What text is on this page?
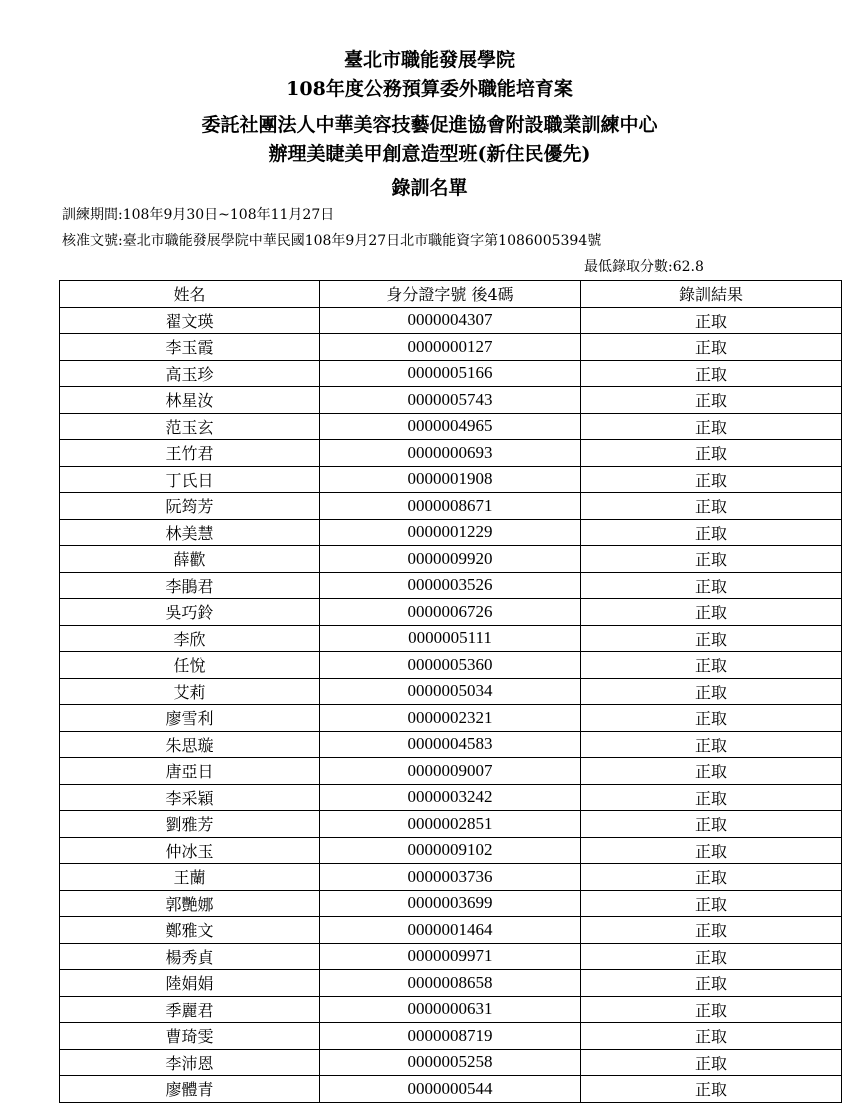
臺北市職能發展學院
108年度公務預算委外職能培育案
委託社團法人中華美容技藝促進協會附設職業訓練中心
辦理美睫美甲創意造型班(新住民優先)
錄訓名單
訓練期間:108年9月30日~108年11月27日
核准文號:臺北市職能發展學院中華民國108年9月27日北市職能資字第1086005394號
最低錄取分數:62.8
姓名	身分證字號 後4碼	錄訓結果
翟文瑛	0000004307	正取
李玉霞	0000000127	正取
高玉珍	0000005166	正取
林星汝	0000005743	正取
范玉玄	0000004965	正取
王竹君	0000000693	正取
丁氏日	0000001908	正取
阮筠芳	0000008671	正取
林美慧	0000001229	正取
薛歡	0000009920	正取
李鵑君	0000003526	正取
吳巧鈴	0000006726	正取
李欣	0000005111	正取
任悅	0000005360	正取
艾莉	0000005034	正取
廖雪利	0000002321	正取
朱思璇	0000004583	正取
唐亞日	0000009007	正取
李采穎	0000003242	正取
劉雅芳	0000002851	正取
仲冰玉	0000009102	正取
王蘭	0000003736	正取
郭艷娜	0000003699	正取
鄭雅文	0000001464	正取
楊秀貞	0000009971	正取
陸娟娟	0000008658	正取
季麗君	0000000631	正取
曹琦雯	0000008719	正取
李沛恩	0000005258	正取
廖體青	0000000544	正取
